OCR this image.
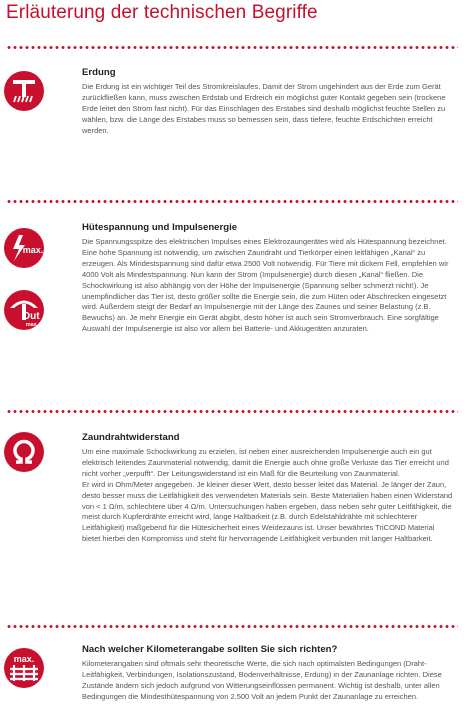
Erläuterung der technischen Begriffe
Erdung

Die Erdung ist ein wichtiger Teil des Stromkreislaufes. Damit der Strom ungehindert aus der Erde zum Gerät zurückfließen kann, muss zwischen Erdstab und Erdreich ein möglichst guter Kontakt gegeben sein (trockene Erde leitet den Strom fast nicht). Für das Einschlagen des Erstabes sind deshalb möglichst feuchte Stellen zu wählen, bzw. die Länge des Erstabes muss so bemessen sein, dass tiefere, feuchte Erdschichten erreicht werden.

max.
Out
max.
Hütespannung und Impulsenergie

Die Spannungsspitze des elektrischen Impulses eines Elektrozaungerätes wird als Hütespannung bezeichnet. Eine hohe Spannung ist notwendig, um zwischen Zaundraht und Tierkörper einen leitfähigen „Kanal“ zu erzeugen. Als Mindestspannung sind dafür etwa 2500 Volt notwendig. Für Tiere mit dickem Fell, empfehlen wir 4000 Volt als Mindestspannung. Nun kann der Strom (Impulsenergie) durch diesen „Kanal“ fließen. Die Schockwirkung ist also abhängig von der Höhe der Impulsenergie (Spannung selber schmerzt nicht!). Je unempfindlicher das Tier ist, desto größer sollte die Energie sein, die zum Hüten oder Abschrecken eingesetzt wird. Außerdem steigt der Bedarf an Impulsenergie mit der Länge des Zaunes und seiner Belastung (z.B. Bewuchs) an. Je mehr Energie ein Gerät abgibt, desto höher ist auch sein Stromverbrauch. Eine sorgfältige Auswahl der Impulsenergie ist also vor allem bei Batterie- und Akkugeräten anzuraten.

Zaundrahtwiderstand

Um eine maximale Schockwirkung zu erzielen, ist neben einer ausreichenden Impulsenergie auch ein gut elektrisch leitendes Zaunmaterial notwendig, damit die Energie auch ohne große Verluste das Tier erreicht und nicht vorher „verpufft“. Der Leitungswiderstand ist ein Maß für die Beurteilung von Zaunmaterial.

Er wird in Ohm/Meter angegeben. Je kleiner dieser Wert, desto besser leitet das Material. Je länger der Zaun, desto besser muss die Leitfähigkeit des verwendeten Materials sein. Beste Materialien haben einen Widerstand von < 1 Ω/m, schlechtere über 4 Ω/m. Untersuchungen haben ergeben, dass neben sehr guter Leitfähigkeit, die meist durch Kupferdrähte erreicht wird, lange Haltbarkeit (z.B. durch Edelstahldrähte mit schlechterer Leitfähigkeit) maßgebend für die Hütesicherheit eines Weidezauns ist. Unser bewährtes TriCOND Material bietet hierbei den Kompromiss und steht für hervorragende Leitfähigkeit verbunden mit langer Haltbarkeit.

max.
Nach welcher Kilometerangabe sollten Sie sich richten?

Kilometerangaben sind oftmals sehr theoretische Werte, die sich nach optimalsten Bedingungen (Draht-Leitfähigkeit, Verbindungen, Isolationszustand, Bodenverhältnisse, Erdung) in der Zaunanlage richten. Diese Zustände ändern sich jedoch aufgrund von Witterungseinflüssen permanent. Wichtig ist deshalb, unter allen Bedingungen die Mindesthütespannung von 2.500 Volt an jedem Punkt der Zaunanlage zu erreichen.
